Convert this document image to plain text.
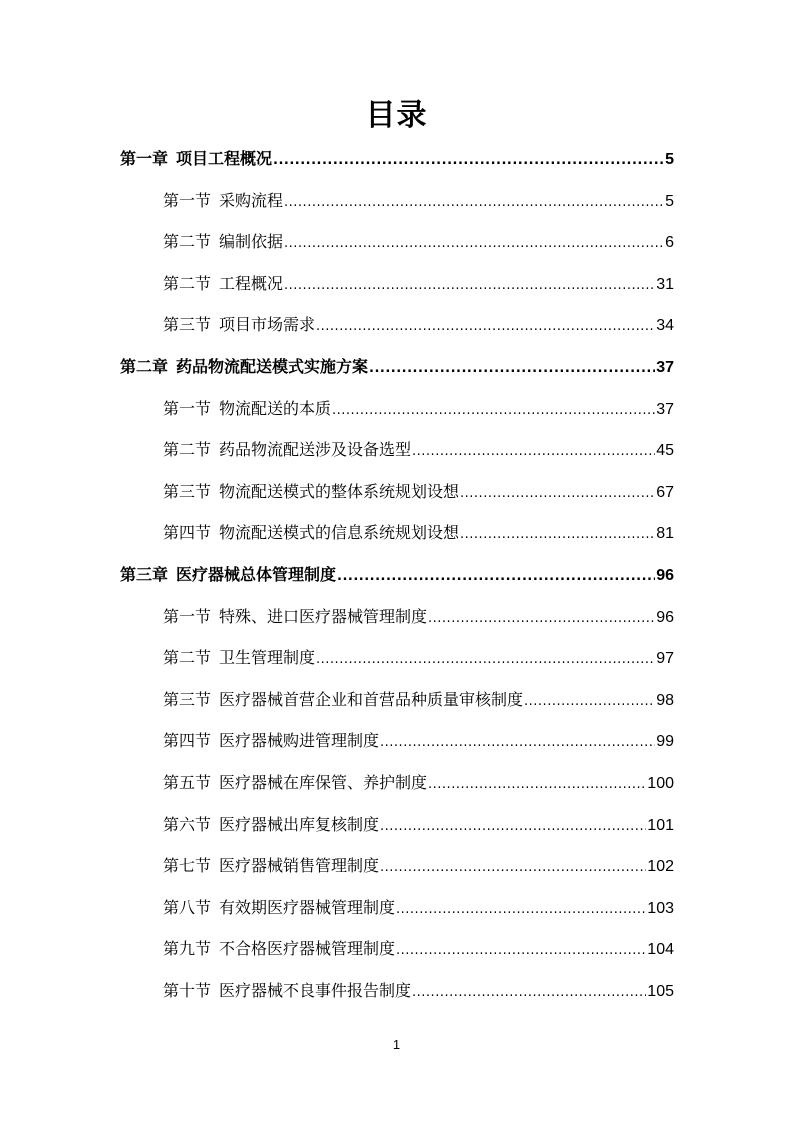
目录
第一章 项目工程概况 .....	5
第一节 采购流程 .....	5
第二节 编制依据 .....	6
第二节 工程概况 .....	31
第三节 项目市场需求 .....	34
第二章 药品物流配送模式实施方案 .....	37
第一节 物流配送的本质 .....	37
第二节 药品物流配送涉及设备选型 .....	45
第三节 物流配送模式的整体系统规划设想 .....	67
第四节 物流配送模式的信息系统规划设想 .....	81
第三章 医疗器械总体管理制度 .....	96
第一节 特殊、进口医疗器械管理制度 .....	96
第二节 卫生管理制度 .....	97
第三节 医疗器械首营企业和首营品种质量审核制度 .....	98
第四节 医疗器械购进管理制度 .....	99
第五节 医疗器械在库保管、养护制度 .....	100
第六节 医疗器械出库复核制度 .....	101
第七节 医疗器械销售管理制度 .....	102
第八节 有效期医疗器械管理制度 .....	103
第九节 不合格医疗器械管理制度 .....	104
第十节 医疗器械不良事件报告制度 .....	105
1
